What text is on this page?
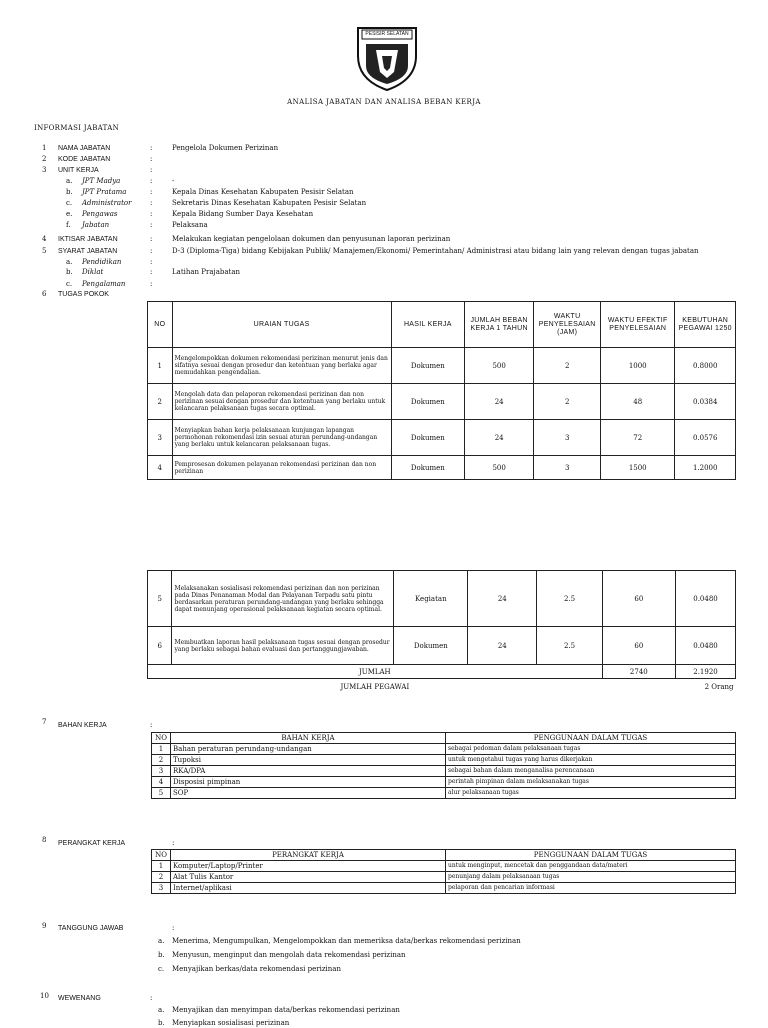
PESISIR SELATAN
ANALISA JABATAN DAN ANALISA BEBAN KERJA
INFORMASI JABATAN
1 NAMA JABATAN	:	Pengelola Dokumen Perizinan
2 KODE JABATAN	:
3 UNIT KERJA	:
a. JPT Madya	:	-
b. JPT Pratama	:	Kepala Dinas Kesehatan Kabupaten Pesisir Selatan
c. Administrator	:	Sekretaris Dinas Kesehatan Kabupaten Pesisir Selatan
e. Pengawas	:	Kepala Bidang Sumber Daya Kesehatan
f. Jabatan	:	Pelaksana
4 IKTISAR JABATAN	:	Melakukan kegiatan pengelolaan dokumen dan penyusunan laporan perizinan
5 SYARAT JABATAN	:	D-3 (Diploma-Tiga) bidang Kebijakan Publik/ Manajemen/Ekonomi/ Pemerintahan/ Administrasi atau bidang lain yang relevan dengan tugas jabatan
a. Pendidikan	:
b. Diklat	:	Latihan Prajabatan
c. Pengalaman	:
6 TUGAS POKOK
NO	URAIAN TUGAS	HASIL KERJA	JUMLAH BEBAN KERJA 1 TAHUN	WAKTU PENYELESAIAN (JAM)	WAKTU EFEKTIF PENYELESAIAN	KEBUTUHAN PEGAWAI 1250
1	Mengelompokkan dokumen rekomendasi perizinan menurut jenis dan sifatnya sesuai dengan prosedur dan ketentuan yang berlaku agar memudahkan pengendalian.	Dokumen	500	2	1000	0.8000
2	Mengolah data dan pelaporan rekomendasi perizinan dan non perizinan sesuai dengan prosedur dan ketentuan yang berlaku untuk kelancaran pelaksanaan tugas secara optimal.	Dokumen	24	2	48	0.0384
3	Menyiapkan bahan kerja pelaksanaan kunjungan lapangan permohonan rekomendasi izin sesuai aturan perundang-undangan yang berlaku untuk kelancaran pelaksanaan tugas.	Dokumen	24	3	72	0.0576
4	Pemprosesan dokumen pelayanan rekomendasi perizinan dan non perizinan	Dokumen	500	3	1500	1.2000
5	Melaksanakan sosialisasi rekomendasi perizinan dan non perizinan pada Dinas Penanaman Modal dan Pelayanan Terpadu satu pintu berdasarkan peraturan perundang-undangan yang berlaku sehingga dapat menunjang operasional pelaksanaan kegiatan secara optimal.	Kegiatan	24	2.5	60	0.0480
6	Membuatkan laporan hasil pelaksanaan tugas sesuai dengan prosedur yang berlaku sebagai bahan evaluasi dan pertanggungjawaban.	Dokumen	24	2.5	60	0.0480
JUMLAH					2740	2.1920
JUMLAH PEGAWAI					2 Orang	
7 BAHAN KERJA	:
NO	BAHAN KERJA	PENGGUNAAN DALAM TUGAS
1	Bahan peraturan perundang-undangan	sebagai pedoman dalam pelaksanaan tugas
2	Tupoksi	untuk mengetahui tugas yang harus dikerjakan
3	RKA/DPA	sebagai bahan dalam menganalisa perencanaan
4	Disposisi pimpinan	perintah pimpinan dalam melaksanakan tugas
5	SOP	alur pelaksanaan tugas
8 PERANGKAT KERJA	:
NO	PERANGKAT KERJA	PENGGUNAAN DALAM TUGAS
1	Komputer/Laptop/Printer	untuk menginput, mencetak dan penggandaan data/materi
2	Alat Tulis Kantor	penunjang dalam pelaksanaan tugas
3	Internet/aplikasi	pelaporan dan pencarian informasi
9 TANGGUNG JAWAB	:
a. Menerima, Mengumpulkan, Mengelompokkan dan memeriksa data/berkas rekomendasi perizinan
b. Menyusun, menginput dan mengolah data rekomendasi perizinan
c. Menyajikan berkas/data rekomendasi perizinan
10 WEWENANG	:
a. Menyajikan dan menyimpan data/berkas rekomendasi perizinan
b. Menyiapkan sosialisasi perizinan
